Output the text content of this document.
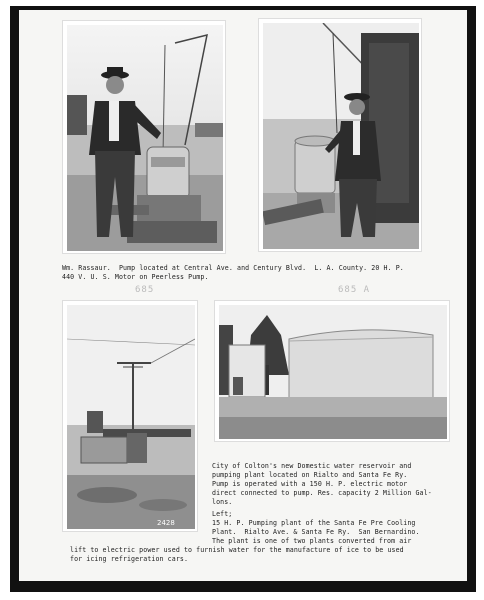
Wm. Rassaur.  Pump located at Central Ave. and Century Blvd.  L. A. County. 20 H. P.
440 V. U. S. Motor on Peerless Pump.
685	685 A
2428
City of Colton's new Domestic water reservoir and
pumping plant located on Rialto and Santa Fe Ry.
Pump is operated with a 150 H. P. electric motor
direct connected to pump. Res. capacity 2 Million Gal-
lons.
Left;
15 H. P. Pumping plant of the Santa Fe Pre Cooling
Plant.  Rialto Ave. & Santa Fe Ry.  San Bernardino.
The plant is one of two plants converted from air
lift to electric power used to furnish water for the manufacture of ice to be used
for icing refrigeration cars.
